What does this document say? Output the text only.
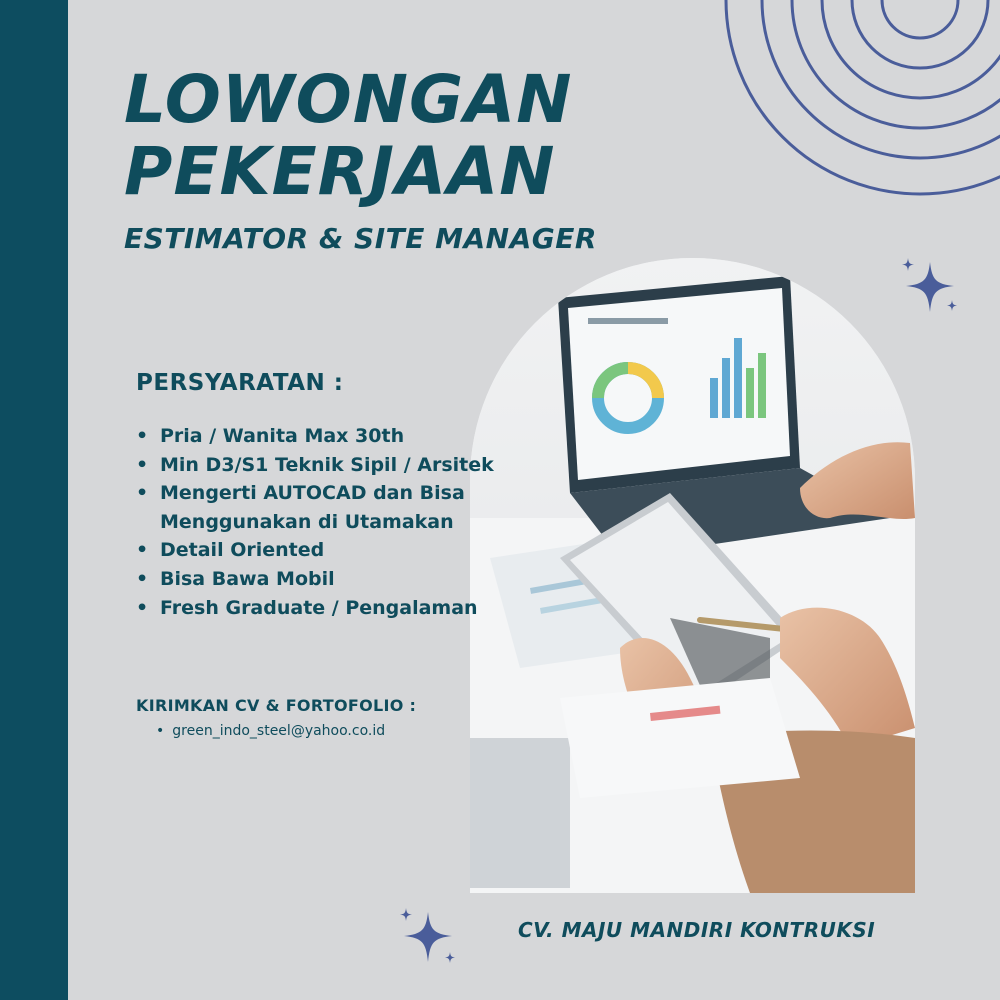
LOWONGAN
PEKERJAAN
ESTIMATOR & SITE MANAGER
PERSYARATAN :
• Pria / Wanita Max 30th
• Min D3/S1 Teknik Sipil / Arsitek
• Mengerti AUTOCAD dan Bisa
Menggunakan di Utamakan
• Detail Oriented
• Bisa Bawa Mobil
• Fresh Graduate / Pengalaman
KIRIMKAN CV & FORTOFOLIO :
• green_indo_steel@yahoo.co.id
CV. MAJU MANDIRI KONTRUKSI
